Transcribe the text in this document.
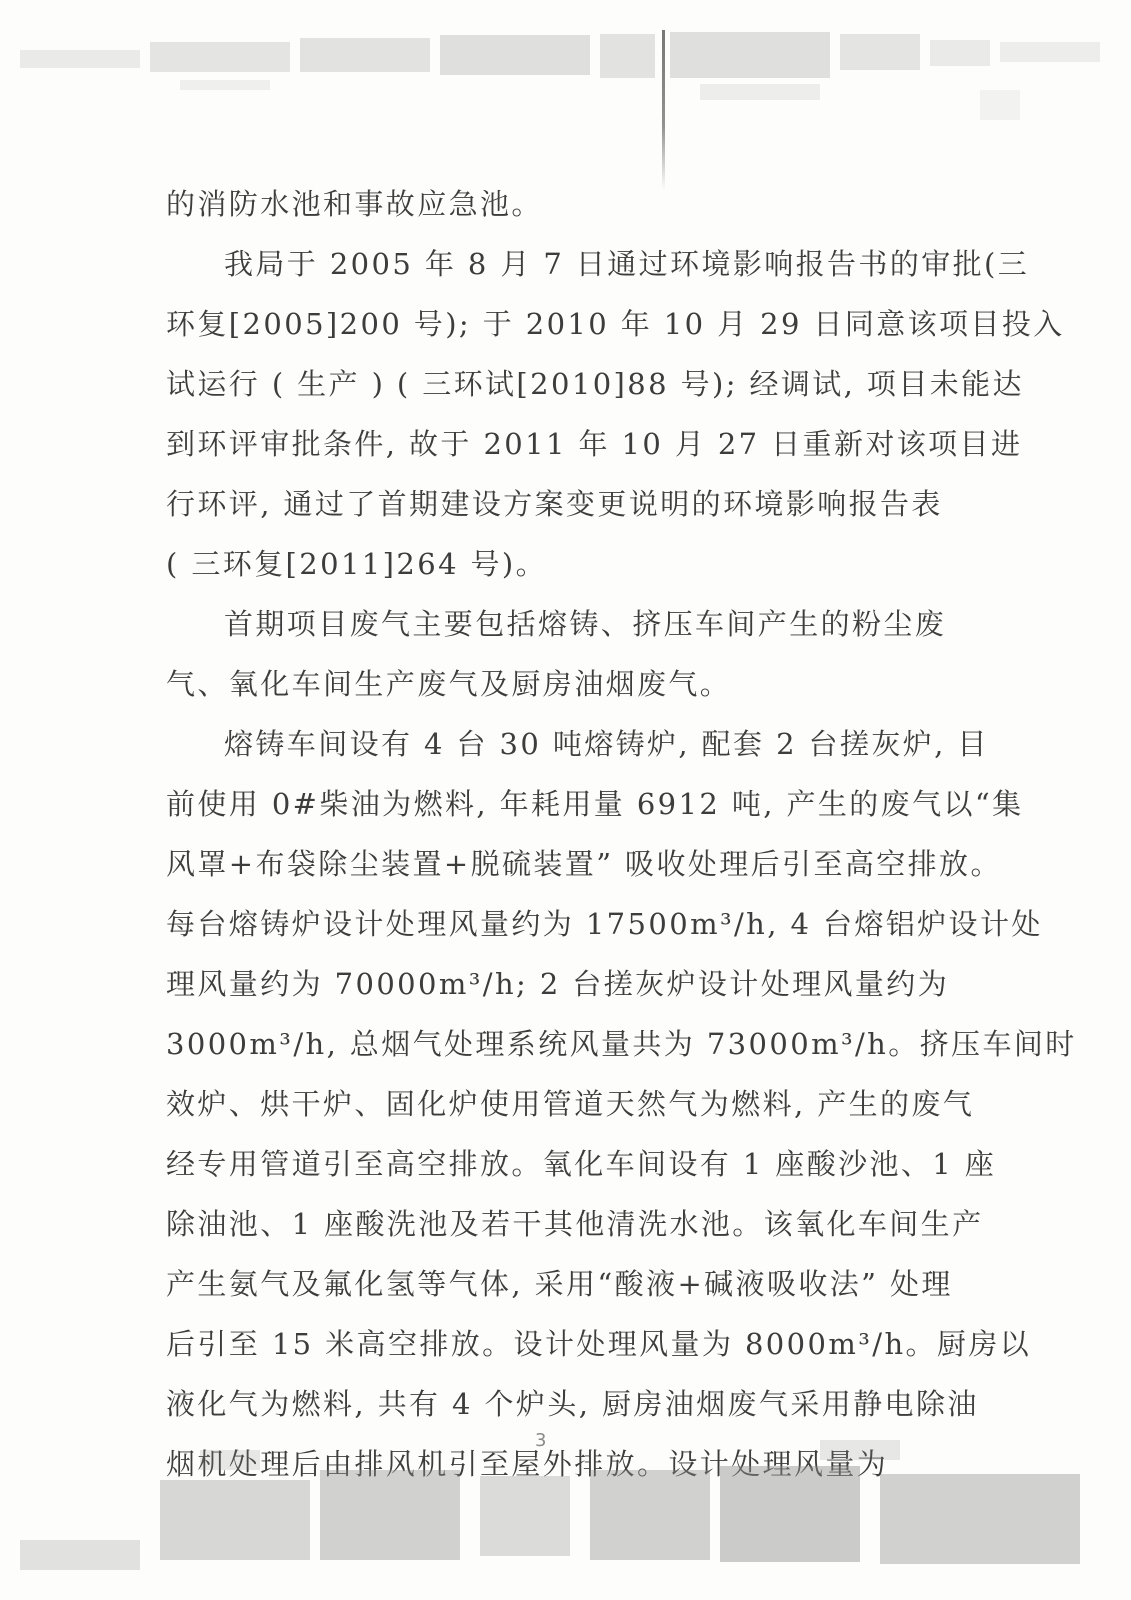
的消防水池和事故应急池。
我局于 2005 年 8 月 7 日通过环境影响报告书的审批(三
环复[2005]200 号); 于 2010 年 10 月 29 日同意该项目投入
试运行 ( 生产 ) ( 三环试[2010]88 号); 经调试, 项目未能达
到环评审批条件, 故于 2011 年 10 月 27 日重新对该项目进
行环评, 通过了首期建设方案变更说明的环境影响报告表
( 三环复[2011]264 号)。
首期项目废气主要包括熔铸、挤压车间产生的粉尘废
气、氧化车间生产废气及厨房油烟废气。
熔铸车间设有 4 台 30 吨熔铸炉, 配套 2 台搓灰炉, 目
前使用 0#柴油为燃料, 年耗用量 6912 吨, 产生的废气以“集
风罩+布袋除尘装置+脱硫装置” 吸收处理后引至高空排放。
每台熔铸炉设计处理风量约为 17500m³/h, 4 台熔铝炉设计处
理风量约为 70000m³/h; 2 台搓灰炉设计处理风量约为
3000m³/h, 总烟气处理系统风量共为 73000m³/h。挤压车间时
效炉、烘干炉、固化炉使用管道天然气为燃料, 产生的废气
经专用管道引至高空排放。氧化车间设有 1 座酸沙池、1 座
除油池、1 座酸洗池及若干其他清洗水池。该氧化车间生产
产生氨气及氟化氢等气体, 采用“酸液+碱液吸收法” 处理
后引至 15 米高空排放。设计处理风量为 8000m³/h。厨房以
液化气为燃料, 共有 4 个炉头, 厨房油烟废气采用静电除油
烟机处理后由排风机引至屋外排放。设计处理风量为
3
